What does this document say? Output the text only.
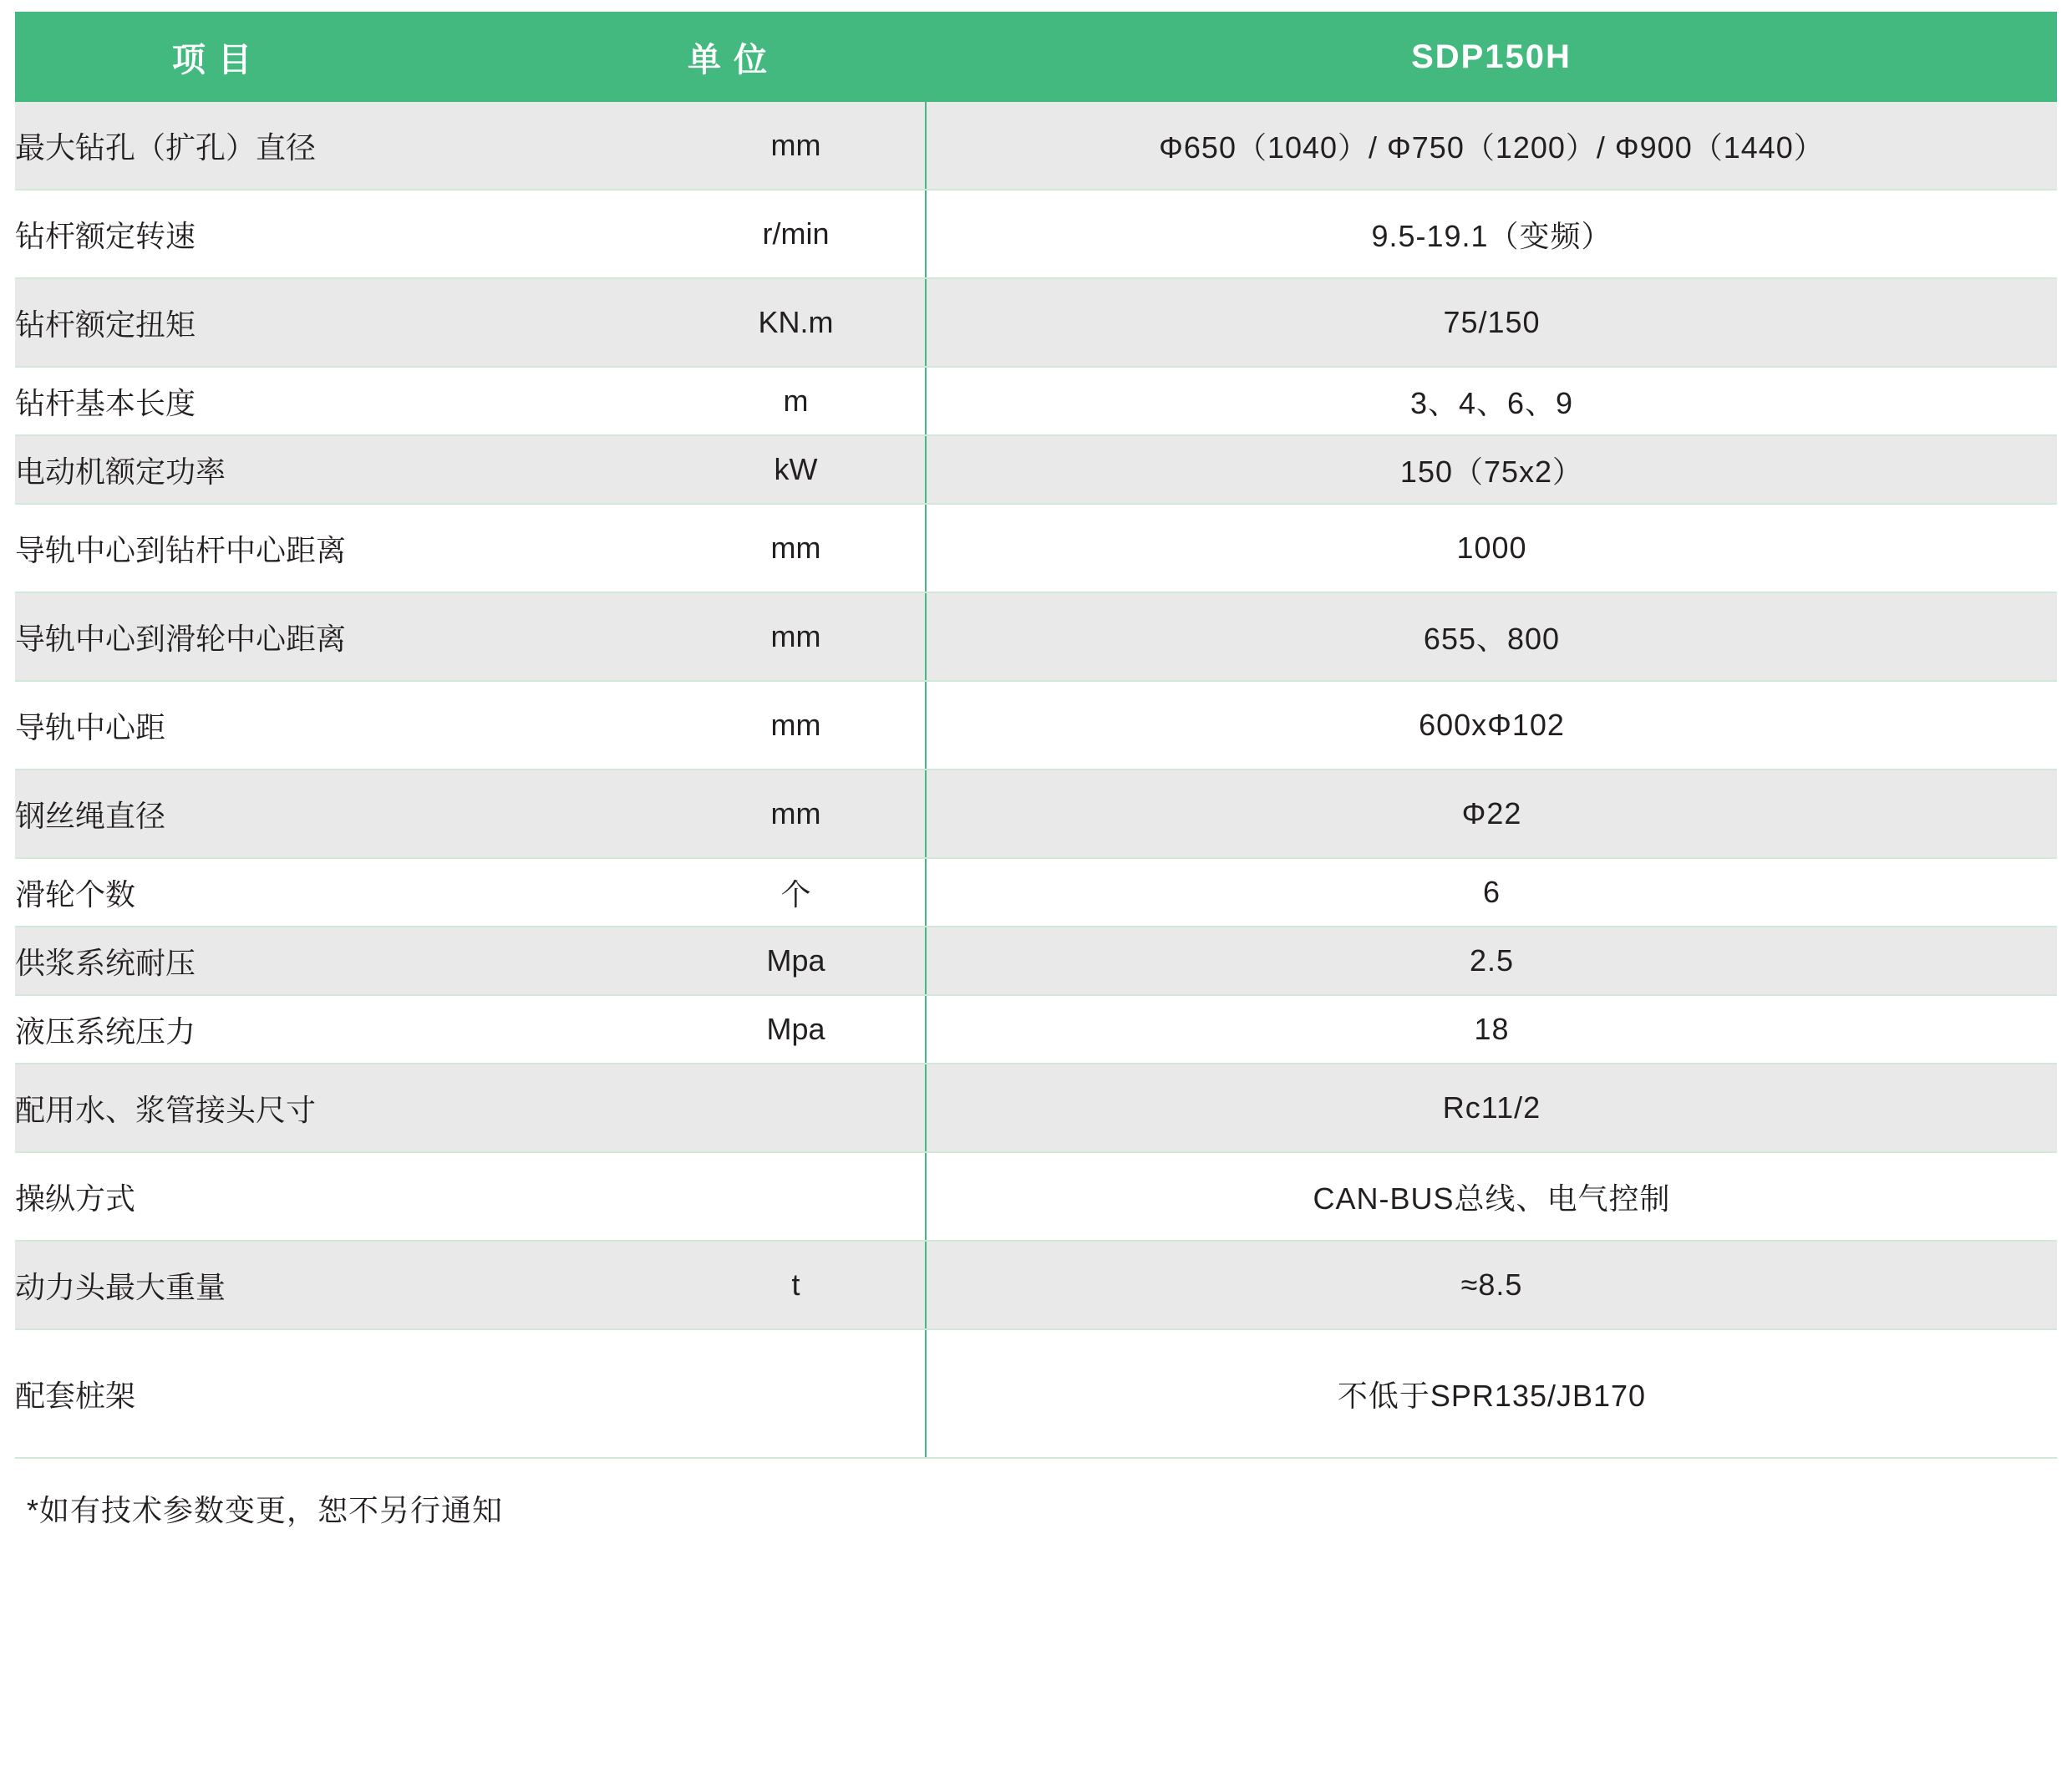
项 目 单 位	SDP150H

最大钻孔（扩孔）直径 mm	Φ650（1040）/ Φ750（1200）/ Φ900（1440）

钻杆额定转速 r/min	9.5-19.1（变频）

钻杆额定扭矩 KN.m	75/150

钻杆基本长度 m	3、4、6、9

电动机额定功率 kW	150（75x2）

导轨中心到钻杆中心距离 mm	1000

导轨中心到滑轮中心距离 mm	655、800

导轨中心距 mm	600xΦ102

钢丝绳直径 mm	Φ22

滑轮个数 个	6

供浆系统耐压 Mpa	2.5

液压系统压力 Mpa	18

配用水、浆管接头尺寸	Rc11/2

操纵方式	CAN-BUS总线、电气控制

动力头最大重量 t	≈8.5

配套桩架	不低于SPR135/JB170
*如有技术参数变更，恕不另行通知
